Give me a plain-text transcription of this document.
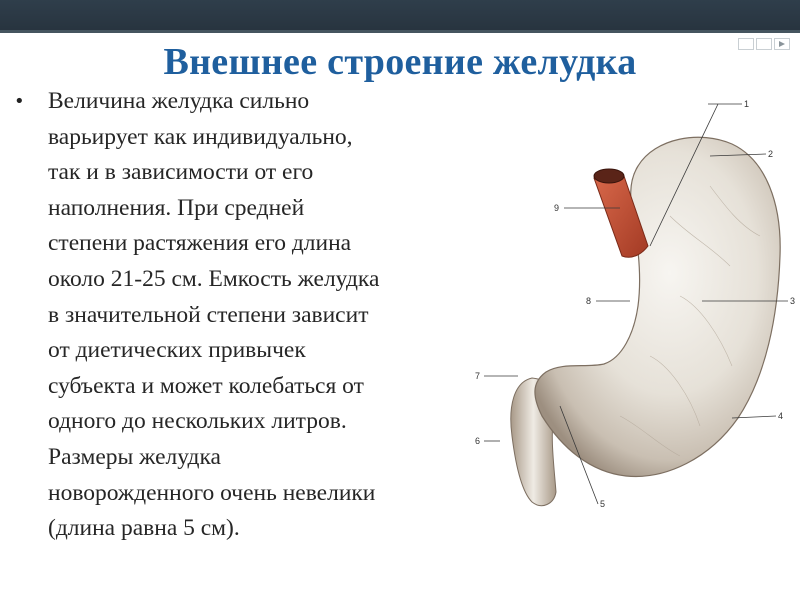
Внешнее строение желудка
• Величина желудка сильно
варьирует как индивидуально,
так и в зависимости от его
наполнения. При средней
степени растяжения его длина
около 21-25 см. Емкость желудка
в значительной степени зависит
от диетических привычек
субъекта и может колебаться от
одного до нескольких литров.
Размеры желудка
новорожденного очень невелики
(длина равна 5 см).
1
2
3
4
5
6
7
8
9
